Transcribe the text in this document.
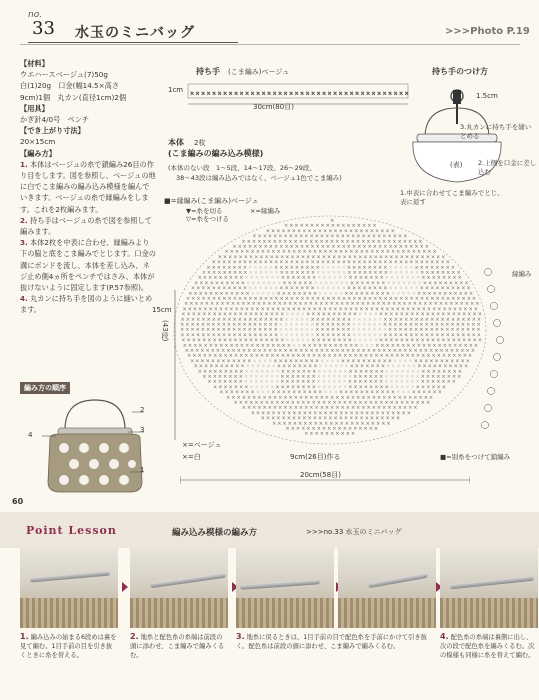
no.
33 水玉のミニバッグ	>>>Photo P.19

【材料】

ウエハースベージュ(7)50g

白(1)20g　口金(幅14.5×高さ

9cm)1個　丸カン(直径1cm)2個

【用具】

かぎ針4/0号　ペンチ

【でき上がり寸法】

20×15cm

【編み方】

1. 本体はベージュの糸で鎖編み26目の作り目をします。図を参照し、ベージュの地に白でこま編みの編み込み模様を編んでいきます。ベージュの糸で縁編みをします。これを2枚編みます。

2. 持ち手はベージュの糸で図を参照して編みます。

3. 本体2枚を中表に合わせ、縁編みより下の脇と底をこま編みでとじます。口金の溝にボンドを流し、本体を差し込み、ネジ止め側4ヵ所をペンチではさみ、本体が抜けないように固定します(P.57参照)。

4. 丸カンに持ち手を図のように縫いとめます。

編み方の順序
2
3
4
1
60
持ち手 (こま編み)ベージュ
1cm × × × × × × × × × × × × × × × × × × × × × × × × × × × × × × × × × × × × × × × ×
30cm(80目)
持ち手のつけ方
1.5cm
3.丸カンに持ち手を縫いとめる
2.上側を口金に差し込む
(表)
1.中表に合わせてこま編みでとじ、表に返す
本体 2枚
(こま編みの編み込み模様)
(本体のない段　1〜5段、14〜17段、26〜29段、
38〜43段は編み込みではなく、ベージュ1色でこま編み)
■=縁編み(こま編み)ベージュ
▼=糸を切る
▽=糸をつける
×=縁編み
縁編み
15cm
(43段)
9cm(26目)作る
20cm(58目)
×=ベージュ
×=白	■=別糸をつけて鎖編み
×
× × × × × × × × × × × × × × × × × ×
× × × × × × × × × × × × × × × × × × × × × × × × ×
× × × × × × × × × × × × × × × × × × × × × × × × × × × × × ×
× × × × × × × × × × × × × × × × × × × × × × × × × × × × × × × × × × ×
× × × × × × × × × × × × × × × × × × × × × × × × × × × × × × × × × × × × × ×
× × × × × × × × × × × × × × × × × × × × × × × × × × × × × × × × × × × × × × × × ×
× × × × × × × × × × × × × × × × × × × × × × × × × × × × × × × × × × × × × × × × × × × ×
× × × × × × × × × × × × × × × × × × × × × × × × × × × × × × × × × × × × × × × × × × × × × ×
× × × × × × × × × × × × × × × × × × × × × × × × × × × × × × × × × × × × × × × × × × × × × × × ×
× × × × × × × × × × × × × × × × × × × × × × × × × × × × × × × × × × × × × × × × × × × × × × × × × ×
× × × × × × × × × × × × × × × × × × × × × × × × × × × × × × × × × × × × × × × × × × × × × × × × × × ×
× × × × × × × × × × × × × × × × × × × × × × × × × × × × × × × × × × × × × × × × × × × × × × × × × × × × ×
× × × × × × × × × × × × × × × × × × × × × × × × × × × × × × × × × × × × × × × × × × × × × × × × × × × × × ×
× × × × × × × × × × × × × × × × × × × × × × × × × × × × × × × × × × × × × × × × × × × × × × × × × × × × × × ×
× × × × × × × × × × × × × × × × × × × × × × × × × × × × × × × × × × × × × × × × × × × × × × × × × × × × × × × ×
× × × × × × × × × × × × × × × × × × × × × × × × × × × × × × × × × × × × × × × × × × × × × × × × × × × × × × × × ×
× × × × × × × × × × × × × × × × × × × × × × × × × × × × × × × × × × × × × × × × × × × × × × × × × × × × × × × × ×
× × × × × × × × × × × × × × × × × × × × × × × × × × × × × × × × × × × × × × × × × × × × × × × × × × × × × × × × × ×
× × × × × × × × × × × × × × × × × × × × × × × × × × × × × × × × × × × × × × × × × × × × × × × × × × × × × × × × × ×
× × × × × × × × × × × × × × × × × × × × × × × × × × × × × × × × × × × × × × × × × × × × × × × × × × × × × × × × × ×
× × × × × × × × × × × × × × × × × × × × × × × × × × × × × × × × × × × × × × × × × × × × × × × × × × × × × × × × × ×
× × × × × × × × × × × × × × × × × × × × × × × × × × × × × × × × × × × × × × × × × × × × × × × × × × × × × × × × × ×
× × × × × × × × × × × × × × × × × × × × × × × × × × × × × × × × × × × × × × × × × × × × × × × × × × × × × × × × × ×
× × × × × × × × × × × × × × × × × × × × × × × × × × × × × × × × × × × × × × × × × × × × × × × × × × × × × × × × ×
× × × × × × × × × × × × × × × × × × × × × × × × × × × × × × × × × × × × × × × × × × × × × × × × × × × × × × × ×
× × × × × × × × × × × × × × × × × × × × × × × × × × × × × × × × × × × × × × × × × × × × × × × × × × × × × × ×
× × × × × × × × × × × × × × × × × × × × × × × × × × × × × × × × × × × × × × × × × × × × × × × × × × × × × ×
× × × × × × × × × × × × × × × × × × × × × × × × × × × × × × × × × × × × × × × × × × × × × × × × × × × × ×
× × × × × × × × × × × × × × × × × × × × × × × × × × × × × × × × × × × × × × × × × × × × × × × × × × ×
× × × × × × × × × × × × × × × × × × × × × × × × × × × × × × × × × × × × × × × × × × × × × × × × × ×
× × × × × × × × × × × × × × × × × × × × × × × × × × × × × × × × × × × × × × × × × × × × × × × ×
× × × × × × × × × × × × × × × × × × × × × × × × × × × × × × × × × × × × × × × × × × × × ×
× × × × × × × × × × × × × × × × × × × × × × × × × × × × × × × × × × × × × × × × × × ×
× × × × × × × × × × × × × × × × × × × × × × × × × × × × × × × × × × × × × × × ×
× × × × × × × × × × × × × × × × × × × × × × × × × × × × × × × × × × × × × ×
× × × × × × × × × × × × × × × × × × × × × × × × × × × × × × × × × ×
× × × × × × × × × × × × × × × × × × × × × × × × × × × × × × ×
× × × × × × × × × × × × × × × × × × × × × × × × × × ×
× × × × × × × × × × × × × × × × × × × × × × ×
× × × × × × × × × × × × × × × × × ×
× × × × × × × × × ×
Point Lesson	編み込み模様の編み方	>>>no.33 水玉のミニバッグ
1. 編み込みの始まる6段めは裏を見て編む。1目手前の目を引き抜くときに糸を替える。
2. 地糸と配色糸の糸端は前段の頭に添わせ、こま編みで編みくるむ。
3. 地糸に戻るときは、1目手前の目で配色糸を手前にかけて引き抜く。配色糸は前段の頭に添わせ、こま編みで編みくるむ。
4. 配色糸の糸端は裏側に出し、次の段で配色糸を編みくるむ。次の模様も同様に糸を替えて編む。
